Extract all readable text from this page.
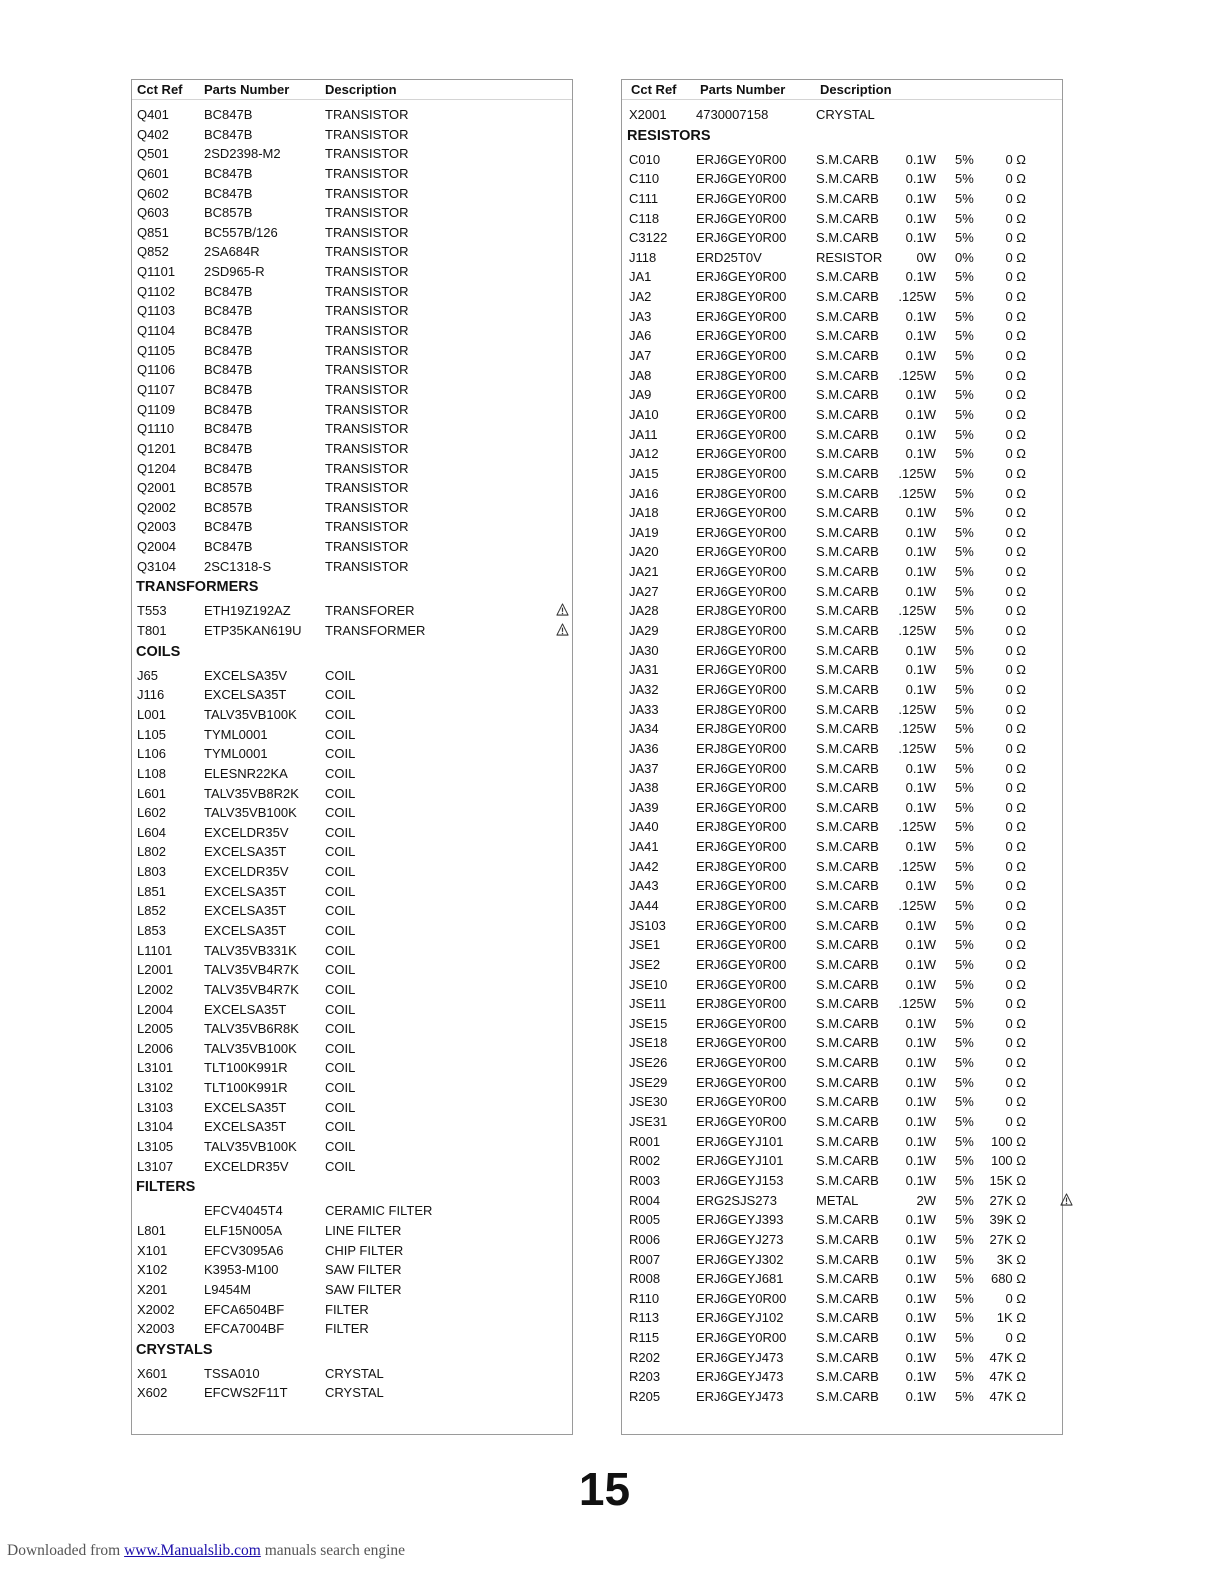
Cct Ref Parts Number	Description
Q401	BC847B	TRANSISTOR
Q402	BC847B	TRANSISTOR
Q501	2SD2398-M2	TRANSISTOR
Q601	BC847B	TRANSISTOR
Q602	BC847B	TRANSISTOR
Q603	BC857B	TRANSISTOR
Q851	BC557B/126	TRANSISTOR
Q852	2SA684R	TRANSISTOR
Q1101 2SD965-R	TRANSISTOR
Q1102 BC847B	TRANSISTOR
Q1103 BC847B	TRANSISTOR
Q1104 BC847B	TRANSISTOR
Q1105 BC847B	TRANSISTOR
Q1106 BC847B	TRANSISTOR
Q1107 BC847B	TRANSISTOR
Q1109 BC847B	TRANSISTOR
Q1110 BC847B	TRANSISTOR
Q1201 BC847B	TRANSISTOR
Q1204 BC847B	TRANSISTOR
Q2001 BC857B	TRANSISTOR
Q2002 BC857B	TRANSISTOR
Q2003 BC847B	TRANSISTOR
Q2004 BC847B	TRANSISTOR
Q3104 2SC1318-S	TRANSISTOR
TRANSFORMERS
T553	ETH19Z192AZ	TRANSFORER
T801	ETP35KAN619U TRANSFORMER
COILS
J65	EXCELSA35V	COIL
J116	EXCELSA35T	COIL
L001	TALV35VB100K COIL
L105	TYML0001	COIL
L106	TYML0001	COIL
L108	ELESNR22KA	COIL
L601	TALV35VB8R2K COIL
L602	TALV35VB100K COIL
L604	EXCELDR35V	COIL
L802	EXCELSA35T	COIL
L803	EXCELDR35V	COIL
L851	EXCELSA35T	COIL
L852	EXCELSA35T	COIL
L853	EXCELSA35T	COIL
L1101 TALV35VB331K COIL
L2001 TALV35VB4R7K COIL
L2002 TALV35VB4R7K COIL
L2004 EXCELSA35T	COIL
L2005 TALV35VB6R8K COIL
L2006 TALV35VB100K COIL
L3101 TLT100K991R	COIL
L3102 TLT100K991R	COIL
L3103 EXCELSA35T	COIL
L3104 EXCELSA35T	COIL
L3105 TALV35VB100K COIL
L3107 EXCELDR35V	COIL
FILTERS
EFCV4045T4	CERAMIC FILTER
L801	ELF15N005A	LINE FILTER
X101	EFCV3095A6	CHIP FILTER
X102	K3953-M100	SAW FILTER
X201	L9454M	SAW FILTER
X2002 EFCA6504BF	FILTER
X2003 EFCA7004BF	FILTER
CRYSTALS
X601	TSSA010	CRYSTAL
X602	EFCWS2F11T	CRYSTAL
Cct Ref Parts Number	Description
X2001 4730007158	CRYSTAL
RESISTORS
C010	ERJ6GEY0R00 S.M.CARB 0.1W 5% 0 Ω
C110	ERJ6GEY0R00 S.M.CARB 0.1W 5% 0 Ω
C111	ERJ6GEY0R00 S.M.CARB 0.1W 5% 0 Ω
C118	ERJ6GEY0R00 S.M.CARB 0.1W 5% 0 Ω
C3122 ERJ6GEY0R00 S.M.CARB 0.1W 5% 0 Ω
J118	ERD25T0V	RESISTOR	0W 0% 0 Ω
JA1	ERJ6GEY0R00 S.M.CARB 0.1W 5% 0 Ω
JA2	ERJ8GEY0R00 S.M.CARB .125W 5% 0 Ω
JA3	ERJ6GEY0R00 S.M.CARB 0.1W 5% 0 Ω
JA6	ERJ6GEY0R00 S.M.CARB 0.1W 5% 0 Ω
JA7	ERJ6GEY0R00 S.M.CARB 0.1W 5% 0 Ω
JA8	ERJ8GEY0R00 S.M.CARB .125W 5% 0 Ω
JA9	ERJ6GEY0R00 S.M.CARB 0.1W 5% 0 Ω
JA10	ERJ6GEY0R00 S.M.CARB 0.1W 5% 0 Ω
JA11	ERJ6GEY0R00 S.M.CARB 0.1W 5% 0 Ω
JA12	ERJ6GEY0R00 S.M.CARB 0.1W 5% 0 Ω
JA15	ERJ8GEY0R00 S.M.CARB .125W 5% 0 Ω
JA16	ERJ8GEY0R00 S.M.CARB .125W 5% 0 Ω
JA18	ERJ6GEY0R00 S.M.CARB 0.1W 5% 0 Ω
JA19	ERJ6GEY0R00 S.M.CARB 0.1W 5% 0 Ω
JA20	ERJ6GEY0R00 S.M.CARB 0.1W 5% 0 Ω
JA21	ERJ6GEY0R00 S.M.CARB 0.1W 5% 0 Ω
JA27	ERJ6GEY0R00 S.M.CARB 0.1W 5% 0 Ω
JA28	ERJ8GEY0R00 S.M.CARB .125W 5% 0 Ω
JA29	ERJ8GEY0R00 S.M.CARB .125W 5% 0 Ω
JA30	ERJ6GEY0R00 S.M.CARB 0.1W 5% 0 Ω
JA31	ERJ6GEY0R00 S.M.CARB 0.1W 5% 0 Ω
JA32	ERJ6GEY0R00 S.M.CARB 0.1W 5% 0 Ω
JA33	ERJ8GEY0R00 S.M.CARB .125W 5% 0 Ω
JA34	ERJ8GEY0R00 S.M.CARB .125W 5% 0 Ω
JA36	ERJ8GEY0R00 S.M.CARB .125W 5% 0 Ω
JA37	ERJ6GEY0R00 S.M.CARB 0.1W 5% 0 Ω
JA38	ERJ6GEY0R00 S.M.CARB 0.1W 5% 0 Ω
JA39	ERJ6GEY0R00 S.M.CARB 0.1W 5% 0 Ω
JA40	ERJ8GEY0R00 S.M.CARB .125W 5% 0 Ω
JA41	ERJ6GEY0R00 S.M.CARB 0.1W 5% 0 Ω
JA42	ERJ8GEY0R00 S.M.CARB .125W 5% 0 Ω
JA43	ERJ6GEY0R00 S.M.CARB 0.1W 5% 0 Ω
JA44	ERJ8GEY0R00 S.M.CARB .125W 5% 0 Ω
JS103 ERJ6GEY0R00 S.M.CARB 0.1W 5% 0 Ω
JSE1	ERJ6GEY0R00 S.M.CARB 0.1W 5% 0 Ω
JSE2	ERJ6GEY0R00 S.M.CARB 0.1W 5% 0 Ω
JSE10 ERJ6GEY0R00 S.M.CARB 0.1W 5% 0 Ω
JSE11 ERJ8GEY0R00 S.M.CARB .125W 5% 0 Ω
JSE15 ERJ6GEY0R00 S.M.CARB 0.1W 5% 0 Ω
JSE18 ERJ6GEY0R00 S.M.CARB 0.1W 5% 0 Ω
JSE26 ERJ6GEY0R00 S.M.CARB 0.1W 5% 0 Ω
JSE29 ERJ6GEY0R00 S.M.CARB 0.1W 5% 0 Ω
JSE30 ERJ6GEY0R00 S.M.CARB 0.1W 5% 0 Ω
JSE31 ERJ6GEY0R00 S.M.CARB 0.1W 5% 0 Ω
R001	ERJ6GEYJ101	S.M.CARB 0.1W 5% 100 Ω
R002	ERJ6GEYJ101	S.M.CARB 0.1W 5% 100 Ω
R003	ERJ6GEYJ153	S.M.CARB 0.1W 5% 15K Ω
R004	ERG2SJS273	METAL	2W 5% 27K Ω
R005	ERJ6GEYJ393	S.M.CARB 0.1W 5% 39K Ω
R006	ERJ6GEYJ273	S.M.CARB 0.1W 5% 27K Ω
R007	ERJ6GEYJ302	S.M.CARB 0.1W 5% 3K Ω
R008	ERJ6GEYJ681	S.M.CARB 0.1W 5% 680 Ω
R110	ERJ6GEY0R00 S.M.CARB 0.1W 5% 0 Ω
R113	ERJ6GEYJ102	S.M.CARB 0.1W 5% 1K Ω
R115	ERJ6GEY0R00 S.M.CARB 0.1W 5% 0 Ω
R202	ERJ6GEYJ473	S.M.CARB 0.1W 5% 47K Ω
R203	ERJ6GEYJ473	S.M.CARB 0.1W 5% 47K Ω
R205	ERJ6GEYJ473	S.M.CARB 0.1W 5% 47K Ω
15
Downloaded from www.Manualslib.com manuals search engine
